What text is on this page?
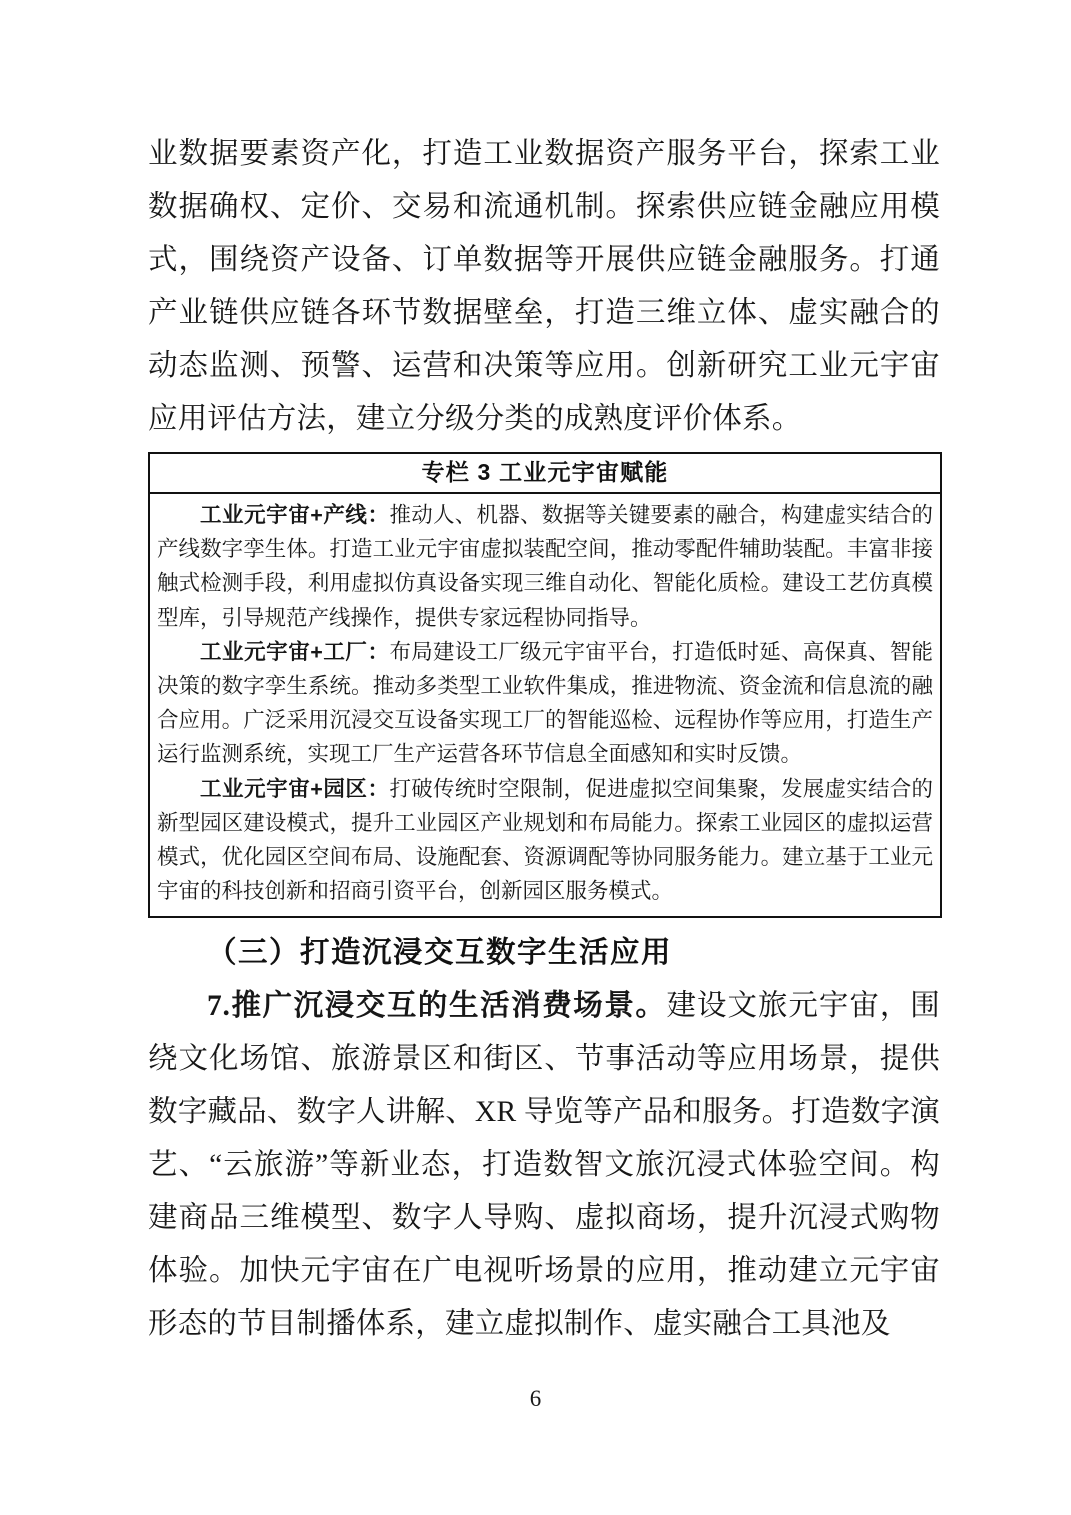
业数据要素资产化，打造工业数据资产服务平台，探索工业数据确权、定价、交易和流通机制。探索供应链金融应用模式，围绕资产设备、订单数据等开展供应链金融服务。打通产业链供应链各环节数据壁垒，打造三维立体、虚实融合的动态监测、预警、运营和决策等应用。创新研究工业元宇宙应用评估方法，建立分级分类的成熟度评价体系。

专栏 3 工业元宇宙赋能

工业元宇宙+产线：推动人、机器、数据等关键要素的融合，构建虚实结合的产线数字孪生体。打造工业元宇宙虚拟装配空间，推动零配件辅助装配。丰富非接触式检测手段，利用虚拟仿真设备实现三维自动化、智能化质检。建设工艺仿真模型库，引导规范产线操作，提供专家远程协同指导。

工业元宇宙+工厂：布局建设工厂级元宇宙平台，打造低时延、高保真、智能决策的数字孪生系统。推动多类型工业软件集成，推进物流、资金流和信息流的融合应用。广泛采用沉浸交互设备实现工厂的智能巡检、远程协作等应用，打造生产运行监测系统，实现工厂生产运营各环节信息全面感知和实时反馈。

工业元宇宙+园区：打破传统时空限制，促进虚拟空间集聚，发展虚实结合的新型园区建设模式，提升工业园区产业规划和布局能力。探索工业园区的虚拟运营模式，优化园区空间布局、设施配套、资源调配等协同服务能力。建立基于工业元宇宙的科技创新和招商引资平台，创新园区服务模式。

（三）打造沉浸交互数字生活应用

7.推广沉浸交互的生活消费场景。建设文旅元宇宙，围绕文化场馆、旅游景区和街区、节事活动等应用场景，提供数字藏品、数字人讲解、XR 导览等产品和服务。打造数字演艺、“云旅游”等新业态，打造数智文旅沉浸式体验空间。构建商品三维模型、数字人导购、虚拟商场，提升沉浸式购物体验。加快元宇宙在广电视听场景的应用，推动建立元宇宙形态的节目制播体系，建立虚拟制作、虚实融合工具池及

6
